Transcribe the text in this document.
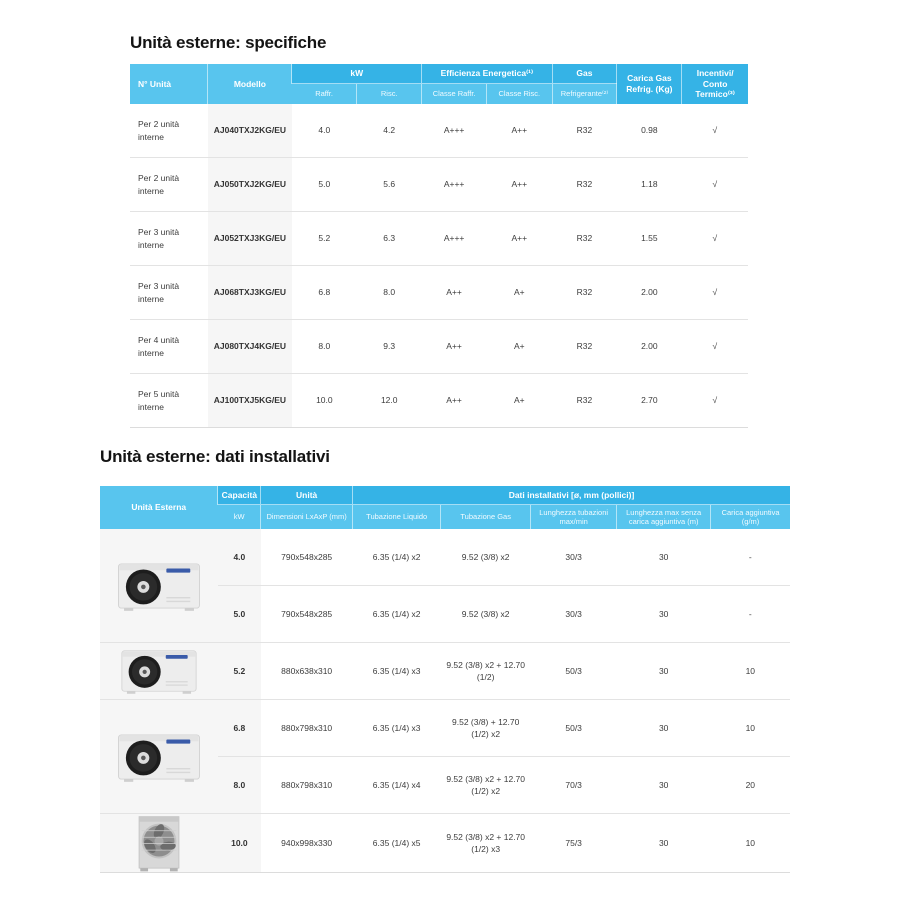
Unità esterne: specifiche
N° Unità	Modello	kW		Efficienza Energetica⁽¹⁾		Gas	Carica Gas Refrig. (Kg)	Incentivi/ Conto Termico⁽³⁾
		Raffr.	Risc.	Classe Raffr.	Classe Risc.	Refrigerante⁽²⁾		
Per 2 unità interne	AJ040TXJ2KG/EU	4.0	4.2	A+++	A++	R32	0.98	√
Per 2 unità interne	AJ050TXJ2KG/EU	5.0	5.6	A+++	A++	R32	1.18	√
Per 3 unità interne	AJ052TXJ3KG/EU	5.2	6.3	A+++	A++	R32	1.55	√
Per 3 unità interne	AJ068TXJ3KG/EU	6.8	8.0	A++	A+	R32	2.00	√
Per 4 unità interne	AJ080TXJ4KG/EU	8.0	9.3	A++	A+	R32	2.00	√
Per 5 unità interne	AJ100TXJ5KG/EU	10.0	12.0	A++	A+	R32	2.70	√
Unità esterne: dati installativi
Unità Esterna	Capacità	Unità	Dati installativi [ø, mm (pollici)]				
	kW	Dimensioni LxAxP (mm)	Tubazione Liquido	Tubazione Gas	Lunghezza tubazioni max/min	Lunghezza max senza carica aggiuntiva (m)	Carica aggiuntiva (g/m)

	4.0	790x548x285	6.35 (1/4) x2	9.52 (3/8) x2	30/3	30	-
	5.0	790x548x285	6.35 (1/4) x2	9.52 (3/8) x2	30/3	30	-

	5.2	880x638x310	6.35 (1/4) x3	9.52 (3/8) x2 + 12.70 (1/2)	50/3	30	10

	6.8	880x798x310	6.35 (1/4) x3	9.52 (3/8) + 12.70 (1/2) x2	50/3	30	10
	8.0	880x798x310	6.35 (1/4) x4	9.52 (3/8) x2 + 12.70 (1/2) x2	70/3	30	20

	10.0	940x998x330	6.35 (1/4) x5	9.52 (3/8) x2 + 12.70 (1/2) x3	75/3	30	10
